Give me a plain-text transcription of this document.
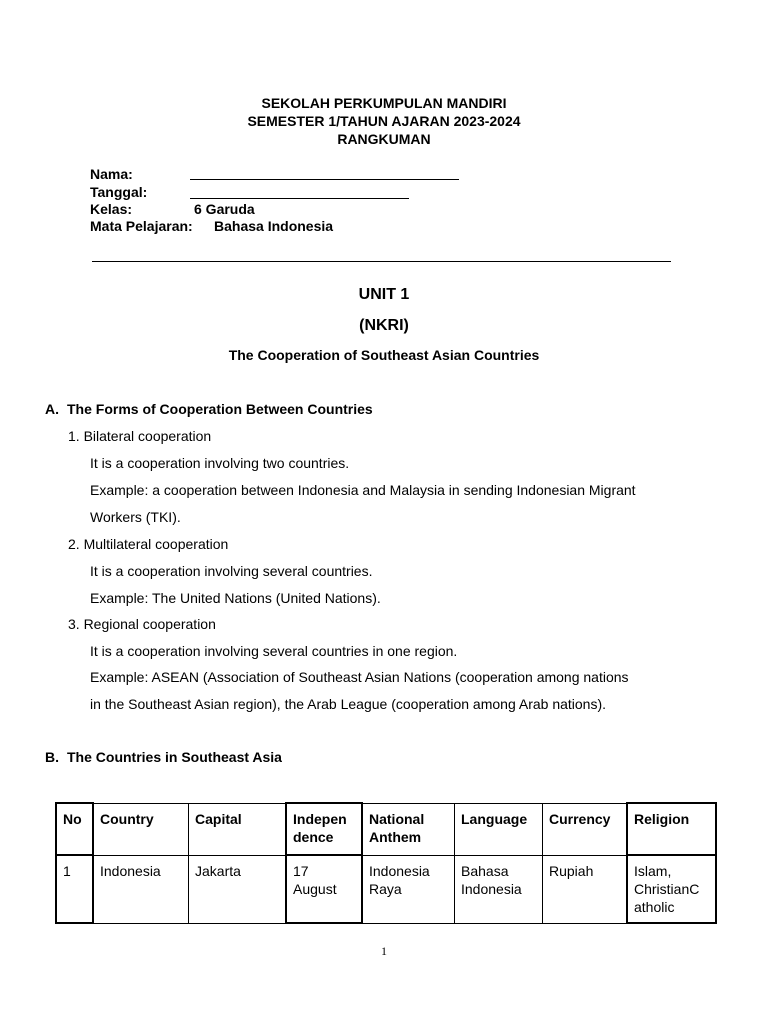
SEKOLAH PERKUMPULAN MANDIRI
SEMESTER 1/TAHUN AJARAN 2023-2024
RANGKUMAN
Nama:
Tanggal:
Kelas:	6 Garuda
Mata Pelajaran: Bahasa Indonesia
UNIT 1
(NKRI)
The Cooperation of Southeast Asian Countries
A. The Forms of Cooperation Between Countries
1. Bilateral cooperation
It is a cooperation involving two countries.
Example: a cooperation between Indonesia and Malaysia in sending Indonesian Migrant
Workers (TKI).
2. Multilateral cooperation
It is a cooperation involving several countries.
Example: The United Nations (United Nations).
3. Regional cooperation
It is a cooperation involving several countries in one region.
Example: ASEAN (Association of Southeast Asian Nations (cooperation among nations
in the Southeast Asian region), the Arab League (cooperation among Arab nations).
B. The Countries in Southeast Asia
No	Country	Capital	Indepen dence	National Anthem	Language	Currency	Religion
1	Indonesia	Jakarta	17 August	Indonesia Raya	Bahasa Indonesia	Rupiah	Islam, ChristianC atholic
1
